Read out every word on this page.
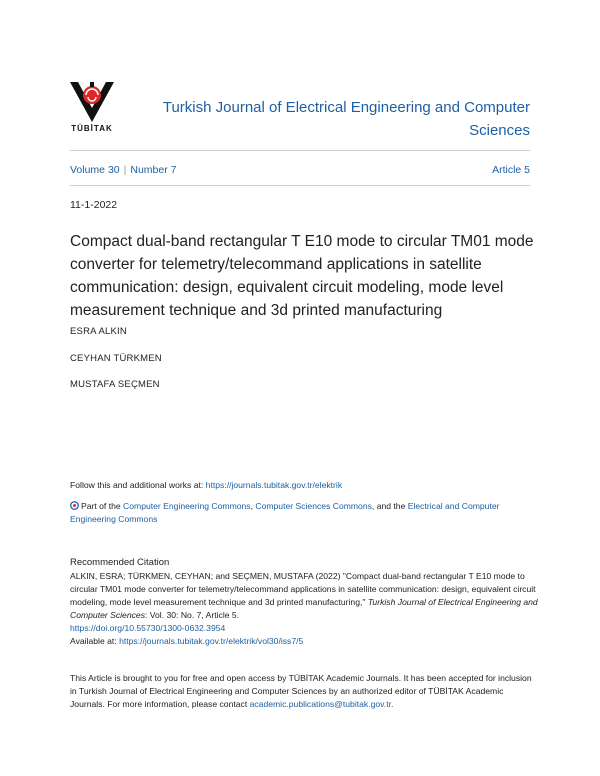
TÜBİTAK
Turkish Journal of Electrical Engineering and Computer Sciences
Volume 30 | Number 7	Article 5
11-1-2022
Compact dual-band rectangular T E10 mode to circular TM01 mode converter for telemetry/telecommand applications in satellite communication: design, equivalent circuit modeling, mode level measurement technique and 3d printed manufacturing
ESRA ALKIN
CEYHAN TÜRKMEN
MUSTAFA SEÇMEN
Follow this and additional works at: https://journals.tubitak.gov.tr/elektrik
Part of the Computer Engineering Commons, Computer Sciences Commons, and the Electrical and Computer Engineering Commons
Recommended Citation
ALKIN, ESRA; TÜRKMEN, CEYHAN; and SEÇMEN, MUSTAFA (2022) "Compact dual-band rectangular T E10 mode to circular TM01 mode converter for telemetry/telecommand applications in satellite communication: design, equivalent circuit modeling, mode level measurement technique and 3d printed manufacturing," Turkish Journal of Electrical Engineering and Computer Sciences: Vol. 30: No. 7, Article 5.
https://doi.org/10.55730/1300-0632.3954
Available at: https://journals.tubitak.gov.tr/elektrik/vol30/iss7/5
This Article is brought to you for free and open access by TÜBİTAK Academic Journals. It has been accepted for inclusion in Turkish Journal of Electrical Engineering and Computer Sciences by an authorized editor of TÜBİTAK Academic Journals. For more information, please contact academic.publications@tubitak.gov.tr.
